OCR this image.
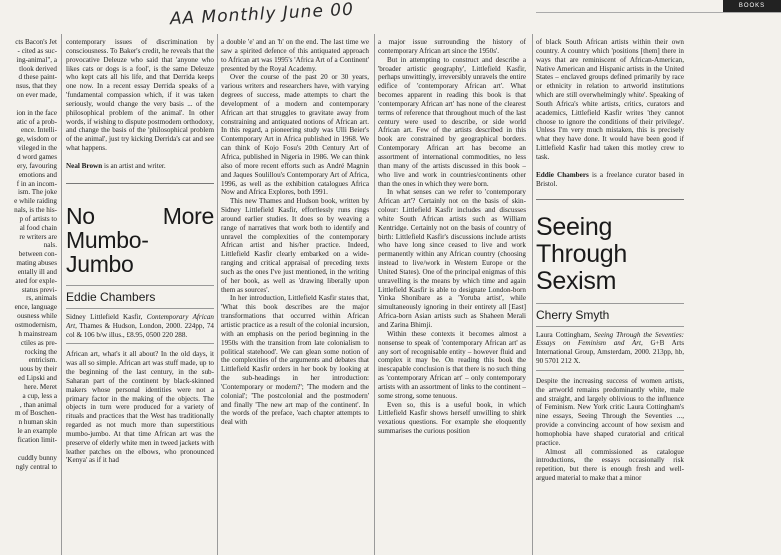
AA Monthly June 00	BOOKS

cts Bacon's Jet

- cited as suc-

ing-animal", a

tlook derived

d these paint-

nsus, that they

on ever made,

ion in the face

atic of a prob-

ence. Intelli-

ge, wisdom or

vileged in the

d word games

ery, favouring

emotions and

f in an incom-

ism. The joke

e while raiding

nals, is the his-

p of artists to

al food chain

re writers are

nals.

between con-

mating abuses

entally ill and

ated for exple-

status previ-

rs, animals

ence, language

ousness while

ostmodernism,

h mainstream

ctiles as pre-

rocking the

entricism.

uous by their

ed Lipski and

here. Meret

a cup, less a

, than animal

m of Boschen-

n human skin

le an example

fication limit-

cuddly bunny

ngly central to

contemporary issues of discrimination by consciousness. To Baker's credit, he reveals that the provocative Deleuze who said that 'anyone who likes cats or dogs is a fool', is the same Deleuze who kept cats all his life, and that Derrida keeps one now. In a recent essay Derrida speaks of a 'fundamental compassion which, if it was taken seriously, would change the very basis ... of the philosophical problem of the animal'. In other words, if wishing to dispute postmodern orthodoxy, and change the basis of the 'philosophical problem of the animal', just try kicking Derrida's cat and see what happens.

Neal Brown is an artist and writer.

No More Mumbo-Jumbo

Eddie Chambers

Sidney Littlefield Kasfir, Contemporary African Art, Thames & Hudson, London, 2000. 224pp, 74 col & 106 b/w illus., £8.95, 0500 220 288.

African art, what's it all about? In the old days, it was all so simple. African art was stuff made, up to the beginning of the last century, in the sub-Saharan part of the continent by black-skinned makers whose personal identities were not a primary factor in the making of the objects. The objects in turn were produced for a variety of rituals and practices that the West has traditionally regarded as not much more than superstitious mumbo-jumbo. At that time African art was the preserve of elderly white men in tweed jackets with leather patches on the elbows, who pronounced 'Kenya' as if it had

a double 'e' and an 'h' on the end. The last time we saw a spirited defence of this antiquated approach to African art was 1995's 'Africa Art of a Continent' presented by the Royal Academy.

Over the course of the past 20 or 30 years, various writers and researchers have, with varying degrees of success, made attempts to chart the development of a modern and contemporary African art that struggles to gravitate away from constraining and antiquated notions of African art. In this regard, a pioneering study was Ulli Beier's Contemporary Art in Africa published in 1968. We can think of Kojo Fosu's 20th Century Art of Africa, published in Nigeria in 1986. We can think also of more recent efforts such as André Magnin and Jaques Soulillou's Contemporary Art of Africa, 1996, as well as the exhibition catalogues Africa Now and Africa Explores, both 1991.

This new Thames and Hudson book, written by Sidney Littlefield Kasfir, effortlessly runs rings around earlier studies. It does so by weaving a range of narratives that work both to identify and unravel the complexities of the contemporary African artist and his/her practice. Indeed, Littlefield Kasfir clearly embarked on a wide-ranging and critical appraisal of preceding texts such as the ones I've just mentioned, in the writing of her book, as well as 'drawing liberally upon them as sources'.

In her introduction, Littlefield Kasfir states that, 'What this book describes are the major transformations that occurred within African artistic practice as a result of the colonial incursion, with an emphasis on the period beginning in the 1950s with the transition from late colonialism to political statehood'. We can glean some notion of the complexities of the arguments and debates that Littlefield Kasfir orders in her book by looking at the sub-headings in her introduction: 'Contemporary or modern?'; 'The modern and the colonial'; 'The postcolonial and the postmodern' and finally 'The new art map of the continent'. In the words of the preface, 'each chapter attempts to deal with

a major issue surrounding the history of contemporary African art since the 1950s'.

But in attempting to construct and describe a 'broader artistic geography', Littlefield Kasfir, perhaps unwittingly, irreversibly unravels the entire edifice of 'contemporary African art'. What becomes apparent in reading this book is that 'contemporary African art' has none of the clearest terms of reference that throughout much of the last century were used to describe, or side world African art. Few of the artists described in this book are constrained by geographical borders. Contemporary African art has become an assortment of international commodities, no less than many of the artists discussed in this book – who live and work in countries/continents other than the ones in which they were born.

In what senses can we refer to 'contemporary African art'? Certainly not on the basis of skin-colour: Littlefield Kasfir includes and discusses white South African artists such as William Kentridge. Certainly not on the basis of country of birth: Littlefield Kasfir's discussions include artists who have long since ceased to live and work permanently within any African country (choosing instead to live/work in Western Europe or the United States). One of the principal enigmas of this unravelling is the means by which time and again Littlefield Kasfir is able to designate London-born Yinka Shonibare as a 'Yoruba artist', while simultaneously ignoring in their entirety all [East] Africa-born Asian artists such as Shaheen Merali and Zarina Bhimji.

Within these contexts it becomes almost a nonsense to speak of 'contemporary African art' as any sort of recognisable entity – however fluid and complex it may be. On reading this book the inescapable conclusion is that there is no such thing as 'contemporary African art' – only contemporary artists with an assortment of links to the continent – some strong, some tenuous.

Even so, this is a useful book, in which Littlefield Kasfir shows herself unwilling to shirk vexatious questions. For example she eloquently summarises the curious position

of black South African artists within their own country. A country which 'positions [them] there in ways that are reminiscent of African-American, Native American and Hispanic artists in the United States – enclaved groups defined primarily by race or ethnicity in relation to artworld institutions which are still overwhelmingly white'. Speaking of South Africa's white artists, critics, curators and academics, Littlefield Kasfir writes 'they cannot choose to ignore the conditions of their privilege'. Unless I'm very much mistaken, this is precisely what they have done. It would have been good if Littlefield Kasfir had taken this motley crew to task.

Eddie Chambers is a freelance curator based in Bristol.

Seeing Through Sexism

Cherry Smyth

Laura Cottingham, Seeing Through the Seventies: Essays on Feminism and Art, G+B Arts International Group, Amsterdam, 2000. 213pp, hb, 90 5701 212 X.

Despite the increasing success of women artists, the artworld remains predominantly white, male and straight, and largely oblivious to the influence of Feminism. New York critic Laura Cottingham's nine essays, Seeing Through the Seventies ..., provide a convincing account of how sexism and homophobia have shaped curatorial and critical practice.

Almost all commissioned as catalogue introductions, the essays occasionally risk repetition, but there is enough fresh and well-argued material to make that a minor
